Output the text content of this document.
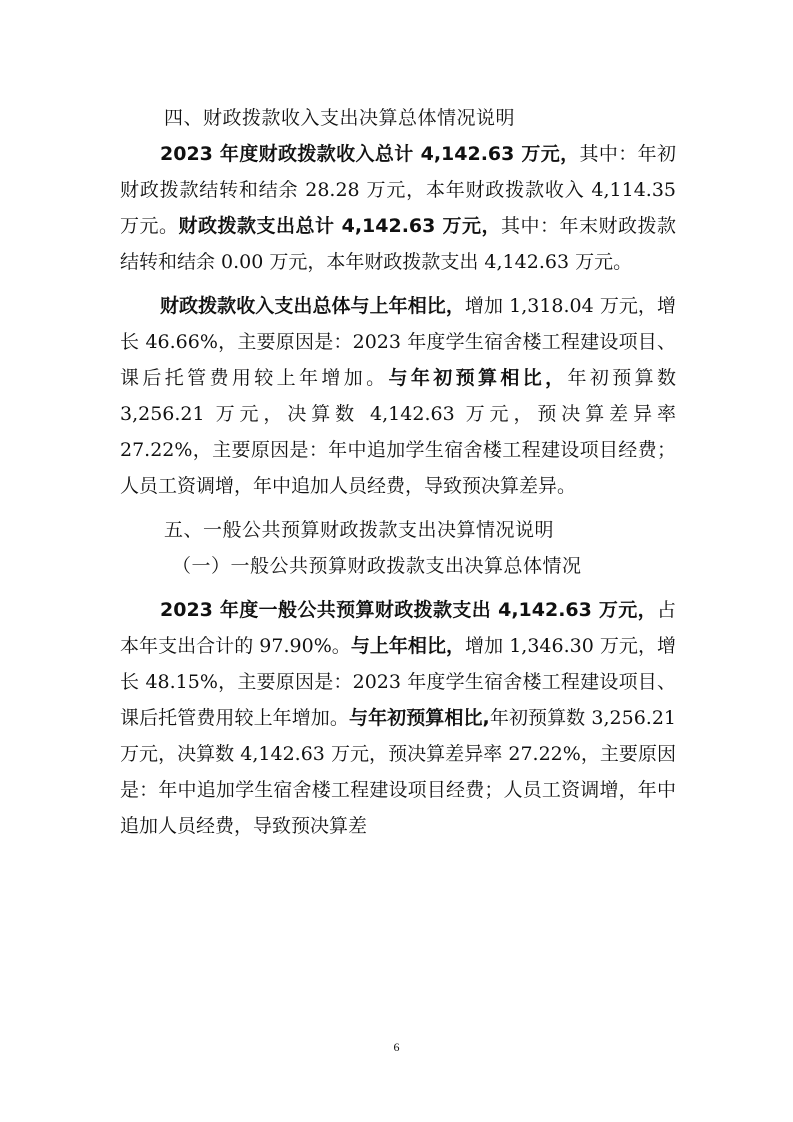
四、财政拨款收入支出决算总体情况说明

2023 年度财政拨款收入总计 4,142.63 万元，其中：年初财政拨款结转和结余 28.28 万元，本年财政拨款收入 4,114.35 万元。财政拨款支出总计 4,142.63 万元，其中：年末财政拨款结转和结余 0.00 万元，本年财政拨款支出 4,142.63 万元。

财政拨款收入支出总体与上年相比，增加 1,318.04 万元，增长 46.66%，主要原因是：2023 年度学生宿舍楼工程建设项目、课后托管费用较上年增加。与年初预算相比，年初预算数 3,256.21 万元，决算数 4,142.63 万元，预决算差异率 27.22%，主要原因是：年中追加学生宿舍楼工程建设项目经费；人员工资调增，年中追加人员经费，导致预决算差异。

五、一般公共预算财政拨款支出决算情况说明

（一）一般公共预算财政拨款支出决算总体情况

2023 年度一般公共预算财政拨款支出 4,142.63 万元，占本年支出合计的 97.90%。与上年相比，增加 1,346.30 万元，增长 48.15%，主要原因是：2023 年度学生宿舍楼工程建设项目、课后托管费用较上年增加。与年初预算相比,年初预算数 3,256.21 万元，决算数 4,142.63 万元，预决算差异率 27.22%，主要原因是：年中追加学生宿舍楼工程建设项目经费；人员工资调增，年中追加人员经费，导致预决算差

6
